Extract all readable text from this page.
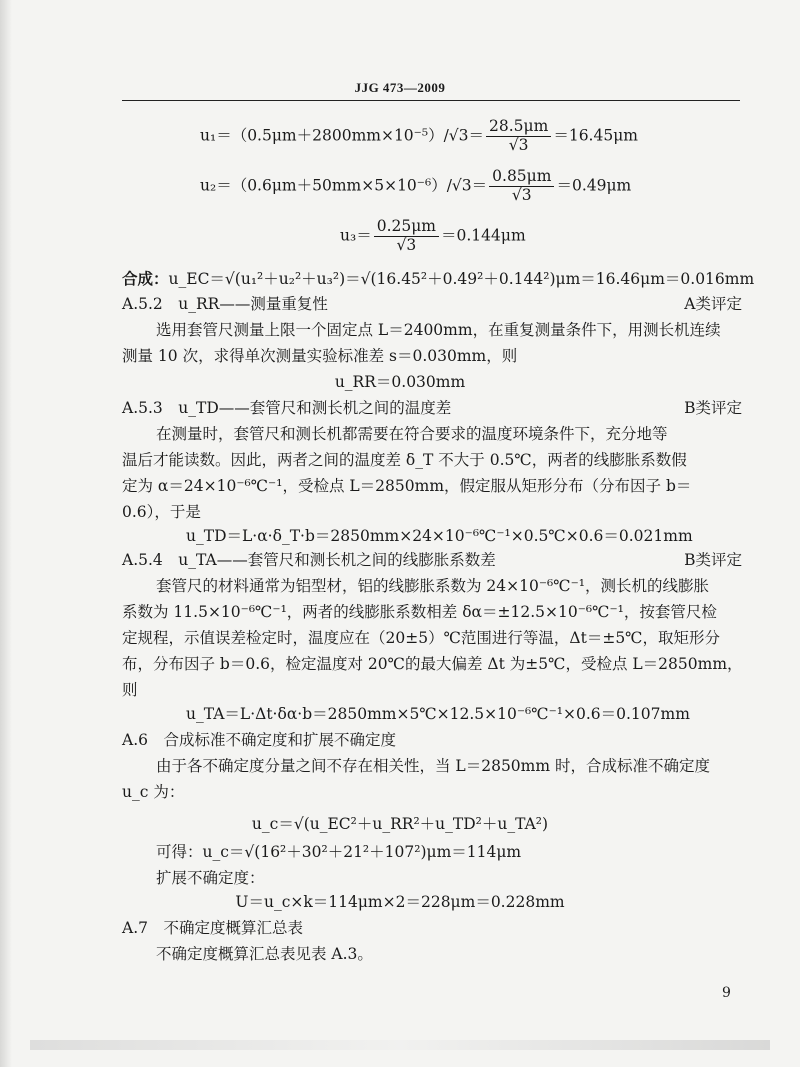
JJG 473—2009
$u_1=(0.5\mu m+2800mm\times 10^{-5})/√3= \frac{28.5\mu m}{√3} =16.45\mu m$
$u_2=(0.6\mu m+50mm\times 5\times 10^{-6})/√3= \frac{0.85\mu m}{√3} =0.49\mu m$
$u_3= \frac{0.25\mu m}{√3} =0.144\mu m$
合成：u_EC＝√(u₁²＋u₂²＋u₃²)＝√(16.45²＋0.49²＋0.144²)μm＝16.46μm＝0.016mm
A.5.2　u_RR——测量重复性	A类评定
选用套管尺测量上限一个固定点 L＝2400mm，在重复测量条件下，用测长机连续
测量 10 次，求得单次测量实验标准差 s＝0.030mm，则
u_RR＝0.030mm
A.5.3　u_TD——套管尺和测长机之间的温度差	B类评定
在测量时，套管尺和测长机都需要在符合要求的温度环境条件下，充分地等
温后才能读数。因此，两者之间的温度差 δ_T 不大于 0.5℃，两者的线膨胀系数假
定为 α＝24×10⁻⁶℃⁻¹，受检点 L＝2850mm，假定服从矩形分布（分布因子 b＝
0.6），于是
u_TD＝L·α·δ_T·b＝2850mm×24×10⁻⁶℃⁻¹×0.5℃×0.6＝0.021mm
A.5.4　u_TA——套管尺和测长机之间的线膨胀系数差	B类评定
套管尺的材料通常为铝型材，铝的线膨胀系数为 24×10⁻⁶℃⁻¹，测长机的线膨胀
系数为 11.5×10⁻⁶℃⁻¹，两者的线膨胀系数相差 δα＝±12.5×10⁻⁶℃⁻¹，按套管尺检
定规程，示值误差检定时，温度应在（20±5）℃范围进行等温，Δt＝±5℃，取矩形分
布，分布因子 b＝0.6，检定温度对 20℃的最大偏差 Δt 为±5℃，受检点 L＝2850mm，
则
u_TA＝L·Δt·δα·b＝2850mm×5℃×12.5×10⁻⁶℃⁻¹×0.6＝0.107mm
A.6　合成标准不确定度和扩展不确定度
由于各不确定度分量之间不存在相关性，当 L＝2850mm 时，合成标准不确定度
u_c 为：
u_c＝√(u_EC²＋u_RR²＋u_TD²＋u_TA²)
可得：u_c＝√(16²＋30²＋21²＋107²)μm＝114μm
扩展不确定度：
U＝u_c×k＝114μm×2＝228μm＝0.228mm
A.7　不确定度概算汇总表
不确定度概算汇总表见表 A.3。
9
